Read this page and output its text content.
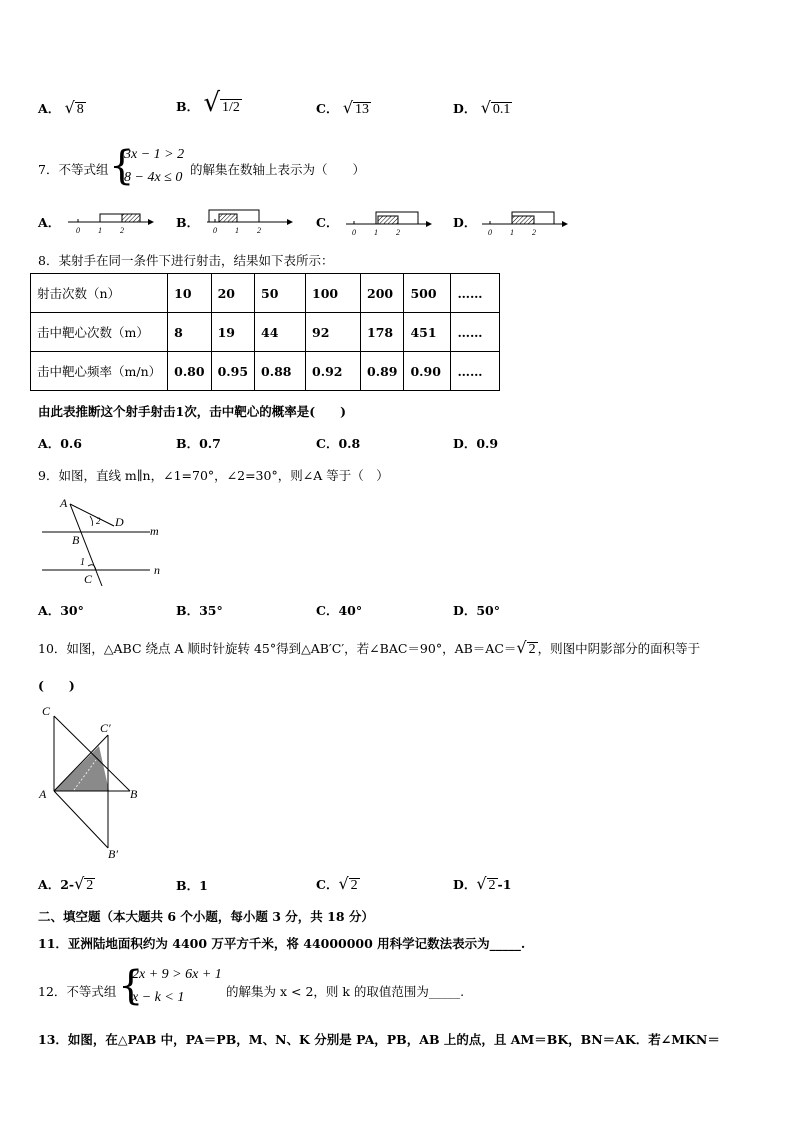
A． √ 8	B． √ 1/2	C． √ 13	D． √ 0.1
7．不等式组 {
3x − 1 > 2
8 − 4x ≤ 0
的解集在数轴上表示为（　　）
A．
0 1 2
B．
0 1 2
C．
0 1 2
D．
0 1 2
8．某射手在同一条件下进行射击，结果如下表所示：
射击次数（n）	10	20	50	100	200	500	……
击中靶心次数（m）	8	19	44	92	178	451	……
击中靶心频率（m/n）	0.80	0.95	0.88	0.92	0.89	0.90	……
由此表推断这个射手射击1次，击中靶心的概率是(　　)
A．0.6	B．0.7	C．0.8	D．0.9
9．如图，直线 m∥n，∠1=70°，∠2=30°，则∠A 等于（　）
A
D
B
C
m
n
2
1
A．30°	B．35°	C．40°	D．50°
10．如图，△ABC 绕点 A 顺时针旋转 45°得到△AB′C′，若∠BAC＝90°，AB＝AC＝√ 2 ，则图中阴影部分的面积等于
(　　)
C
C′
A	B
B′
A．2-√ 2	B．1	C．√ 2	D．√ 2 -1
二、填空题（本大题共 6 个小题，每小题 3 分，共 18 分）
11．亚洲陆地面积约为 4400 万平方千米，将 44000000 用科学记数法表示为_____.
12．不等式组 {
2x + 9 > 6x + 1
x − k < 1	的解集为 x < 2，则 k 的取值范围为_____.
13．如图，在△PAB 中，PA＝PB，M、N、K 分别是 PA，PB，AB 上的点，且 AM＝BK，BN＝AK．若∠MKN＝
